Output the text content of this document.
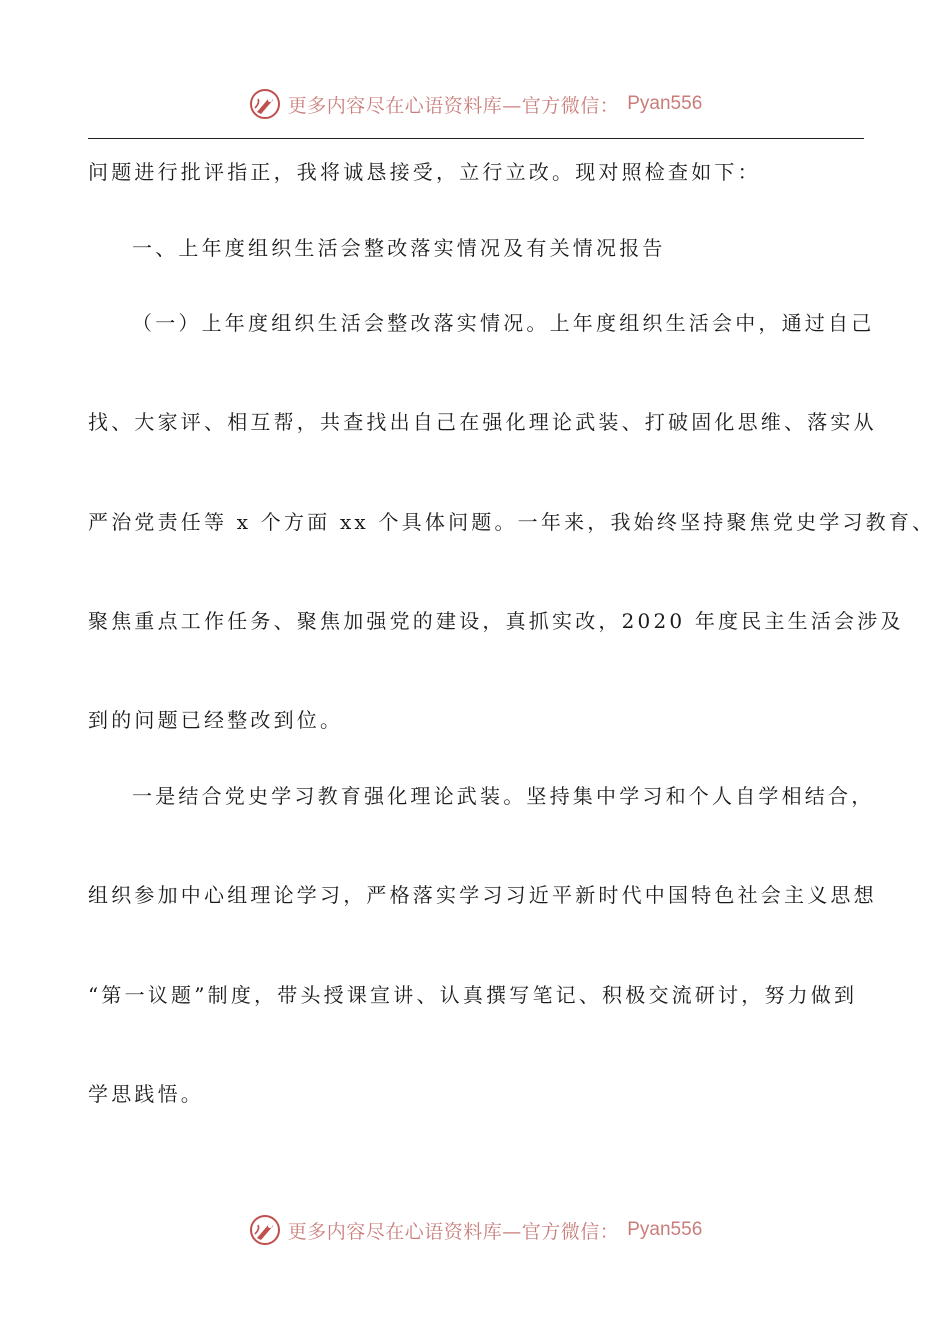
更多内容尽在心语资料库—官方微信： Pyan556
问题进行批评指正，我将诚恳接受，立行立改。现对照检查如下：
一、上年度组织生活会整改落实情况及有关情况报告
（一）上年度组织生活会整改落实情况。上年度组织生活会中，通过自己
找、大家评、相互帮，共查找出自己在强化理论武装、打破固化思维、落实从
严治党责任等 x 个方面 xx 个具体问题。一年来，我始终坚持聚焦党史学习教育、
聚焦重点工作任务、聚焦加强党的建设，真抓实改，2020 年度民主生活会涉及
到的问题已经整改到位。
一是结合党史学习教育强化理论武装。坚持集中学习和个人自学相结合，
组织参加中心组理论学习，严格落实学习习近平新时代中国特色社会主义思想
“第一议题”制度，带头授课宣讲、认真撰写笔记、积极交流研讨，努力做到
学思践悟。
更多内容尽在心语资料库—官方微信： Pyan556
